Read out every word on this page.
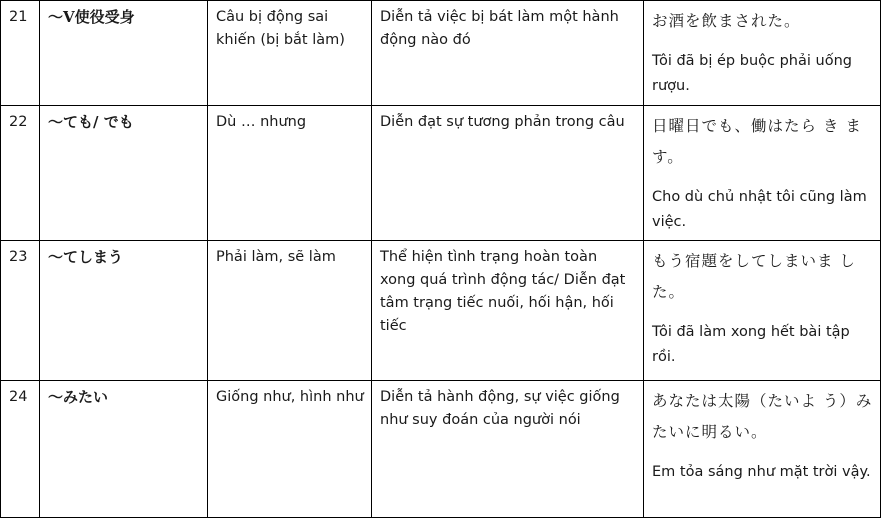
21	～V使役受身	Câu bị động sai khiến (bị bắt làm)	Diễn tả việc bị bát làm một hành động nào đó	お酒を飲まされた。
Tôi đã bị ép buộc phải uống rượu.

22	～ても/ でも	Dù … nhưng	Diễn đạt sự tương phản trong câu	日曜日でも、働はたら き ます。
Cho dù chủ nhật tôi cũng làm việc.

23	～てしまう	Phải làm, sẽ làm	Thể hiện tình trạng hoàn toàn xong quá trình động tác/ Diễn đạt tâm trạng tiếc nuối, hối hận, hối tiếc	もう宿題をしてしまいま した。
Tôi đã làm xong hết bài tập rồi.

24	～みたい	Giống như, hình như	Diễn tả hành động, sự việc giống như suy đoán của người nói	あなたは太陽（たいよ う）みたいに明るい。
Em tỏa sáng như mặt trời vậy.
